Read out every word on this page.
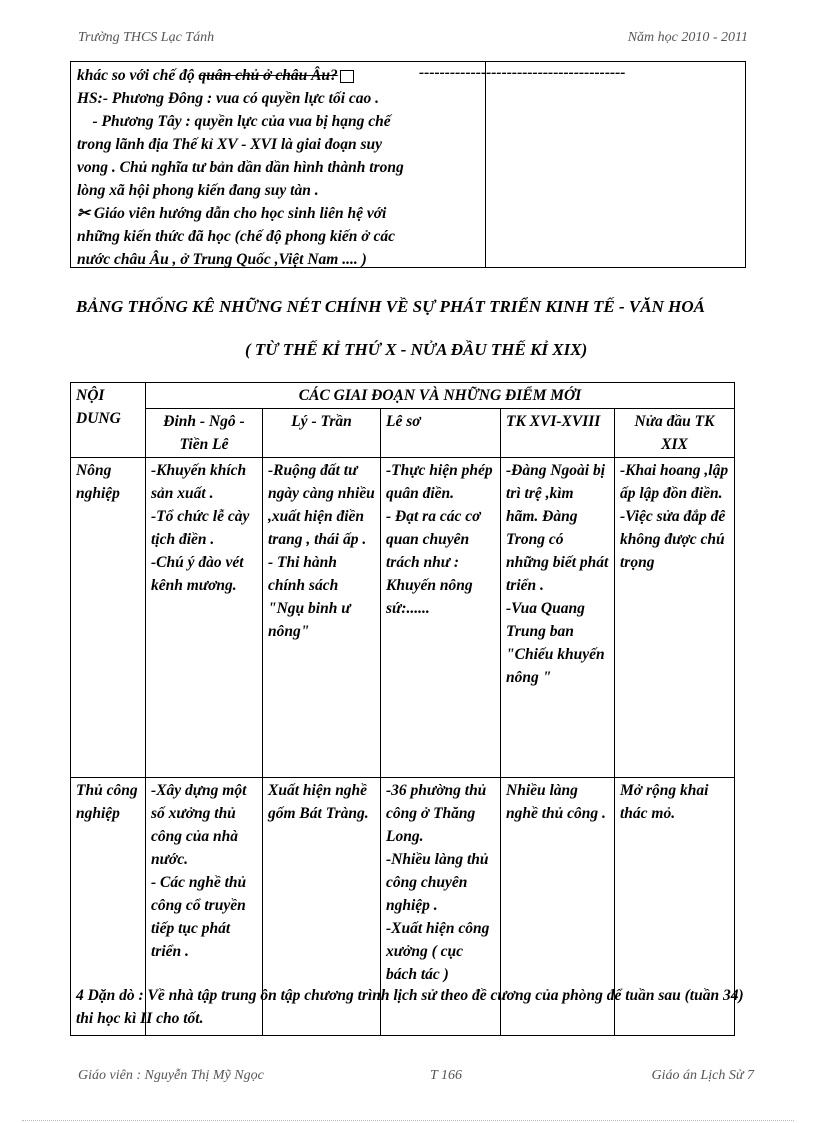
Trường THCS Lạc Tánh	Năm học 2010 - 2011
khác so với chế độ quân chủ ở châu Âu?
HS:- Phương Đông : vua có quyền lực tối cao .
- Phương Tây : quyền lực của vua bị hạng chế
trong lãnh địa Thế kỉ XV - XVI là giai đoạn suy
vong . Chủ nghĩa tư bản dần dần hình thành trong
lòng xã hội phong kiến đang suy tàn .
✂ Giáo viên hướng dẫn cho học sinh liên hệ với
những kiến thức đã học (chế độ phong kiến ở các
nước châu Âu , ở Trung Quốc ,Việt Nam .... )
----------------------------------------
BẢNG THỐNG KÊ NHỮNG NÉT CHÍNH VỀ SỰ PHÁT TRIỂN KINH TẾ - VĂN HOÁ
( TỪ THẾ KỈ THỨ X - NỬA ĐẦU THẾ KỈ XIX)
NỘI DUNG	CÁC GIAI ĐOẠN VÀ NHỮNG ĐIỂM MỚI				
	Đinh - Ngô - Tiền Lê	Lý - Trần	Lê sơ	TK XVI-XVIII	Nửa đầu TK XIX
Nông nghiệp	-Khuyến khích sản xuất .
-Tổ chức lễ cày tịch điền .
-Chú ý đào vét kênh mương.	-Ruộng đất tư ngày càng nhiều ,xuất hiện điền trang , thái ấp .
- Thi hành chính sách "Ngụ binh ư nông"	-Thực hiện phép quân điền.
- Đạt ra các cơ quan chuyên trách như : Khuyến nông sứ:......	-Đàng Ngoài bị trì trệ ,kìm hãm. Đàng Trong có những biết phát triển .
-Vua Quang Trung ban "Chiếu khuyến nông "	-Khai hoang ,lập ấp lập đồn điền.
-Việc sửa đắp đê không được chú trọng
Thủ công nghiệp	-Xây dựng một số xưởng thủ công của nhà nước.
- Các nghề thủ công cổ truyền tiếp tục phát triển .	Xuất hiện nghề gốm Bát Tràng.	-36 phường thủ công ở Thăng Long.
-Nhiều làng thủ công chuyên nghiệp .
-Xuất hiện công xưởng ( cục bách tác )	Nhiều làng nghề thủ công .	Mở rộng khai thác mỏ.
4 Dặn dò : Về nhà tập trung ôn tập chương trình lịch sử theo đề cương của phòng để tuần sau (tuần 34) thi học kì II cho tốt.
Giáo viên : Nguyễn Thị Mỹ Ngọc	T 166	Giáo án Lịch Sử 7
